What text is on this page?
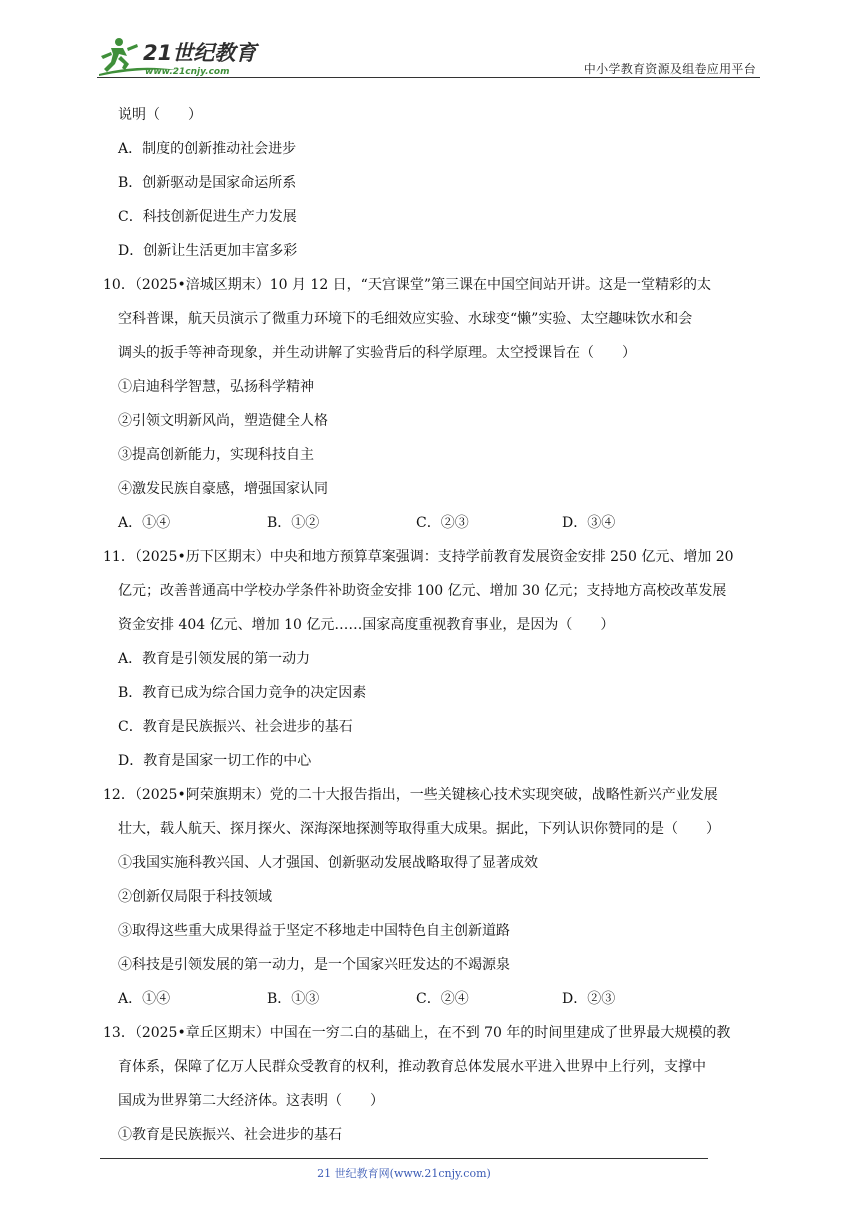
21世纪教育
www.21cnjy.com	中小学教育资源及组卷应用平台
说明（　　）
A．制度的创新推动社会进步
B．创新驱动是国家命运所系
C．科技创新促进生产力发展
D．创新让生活更加丰富多彩
10．（2025•涪城区期末）10 月 12 日，“天宫课堂”第三课在中国空间站开讲。这是一堂精彩的太
空科普课，航天员演示了微重力环境下的毛细效应实验、水球变“懒”实验、太空趣味饮水和会
调头的扳手等神奇现象，并生动讲解了实验背后的科学原理。太空授课旨在（　　）
①启迪科学智慧，弘扬科学精神
②引领文明新风尚，塑造健全人格
③提高创新能力，实现科技自主
④激发民族自豪感，增强国家认同
A．①④	B．①②	C．②③	D．③④
11．（2025•历下区期末）中央和地方预算草案强调：支持学前教育发展资金安排 250 亿元、增加 20
亿元；改善普通高中学校办学条件补助资金安排 100 亿元、增加 30 亿元；支持地方高校改革发展
资金安排 404 亿元、增加 10 亿元……国家高度重视教育事业，是因为（　　）
A．教育是引领发展的第一动力
B．教育已成为综合国力竞争的决定因素
C．教育是民族振兴、社会进步的基石
D．教育是国家一切工作的中心
12．（2025•阿荣旗期末）党的二十大报告指出，一些关键核心技术实现突破，战略性新兴产业发展
壮大，载人航天、探月探火、深海深地探测等取得重大成果。据此，下列认识你赞同的是（　　）
①我国实施科教兴国、人才强国、创新驱动发展战略取得了显著成效
②创新仅局限于科技领域
③取得这些重大成果得益于坚定不移地走中国特色自主创新道路
④科技是引领发展的第一动力，是一个国家兴旺发达的不竭源泉
A．①④	B．①③	C．②④	D．②③
13．（2025•章丘区期末）中国在一穷二白的基础上，在不到 70 年的时间里建成了世界最大规模的教
育体系，保障了亿万人民群众受教育的权利，推动教育总体发展水平进入世界中上行列，支撑中
国成为世界第二大经济体。这表明（　　）
①教育是民族振兴、社会进步的基石
21 世纪教育网(www.21cnjy.com)
